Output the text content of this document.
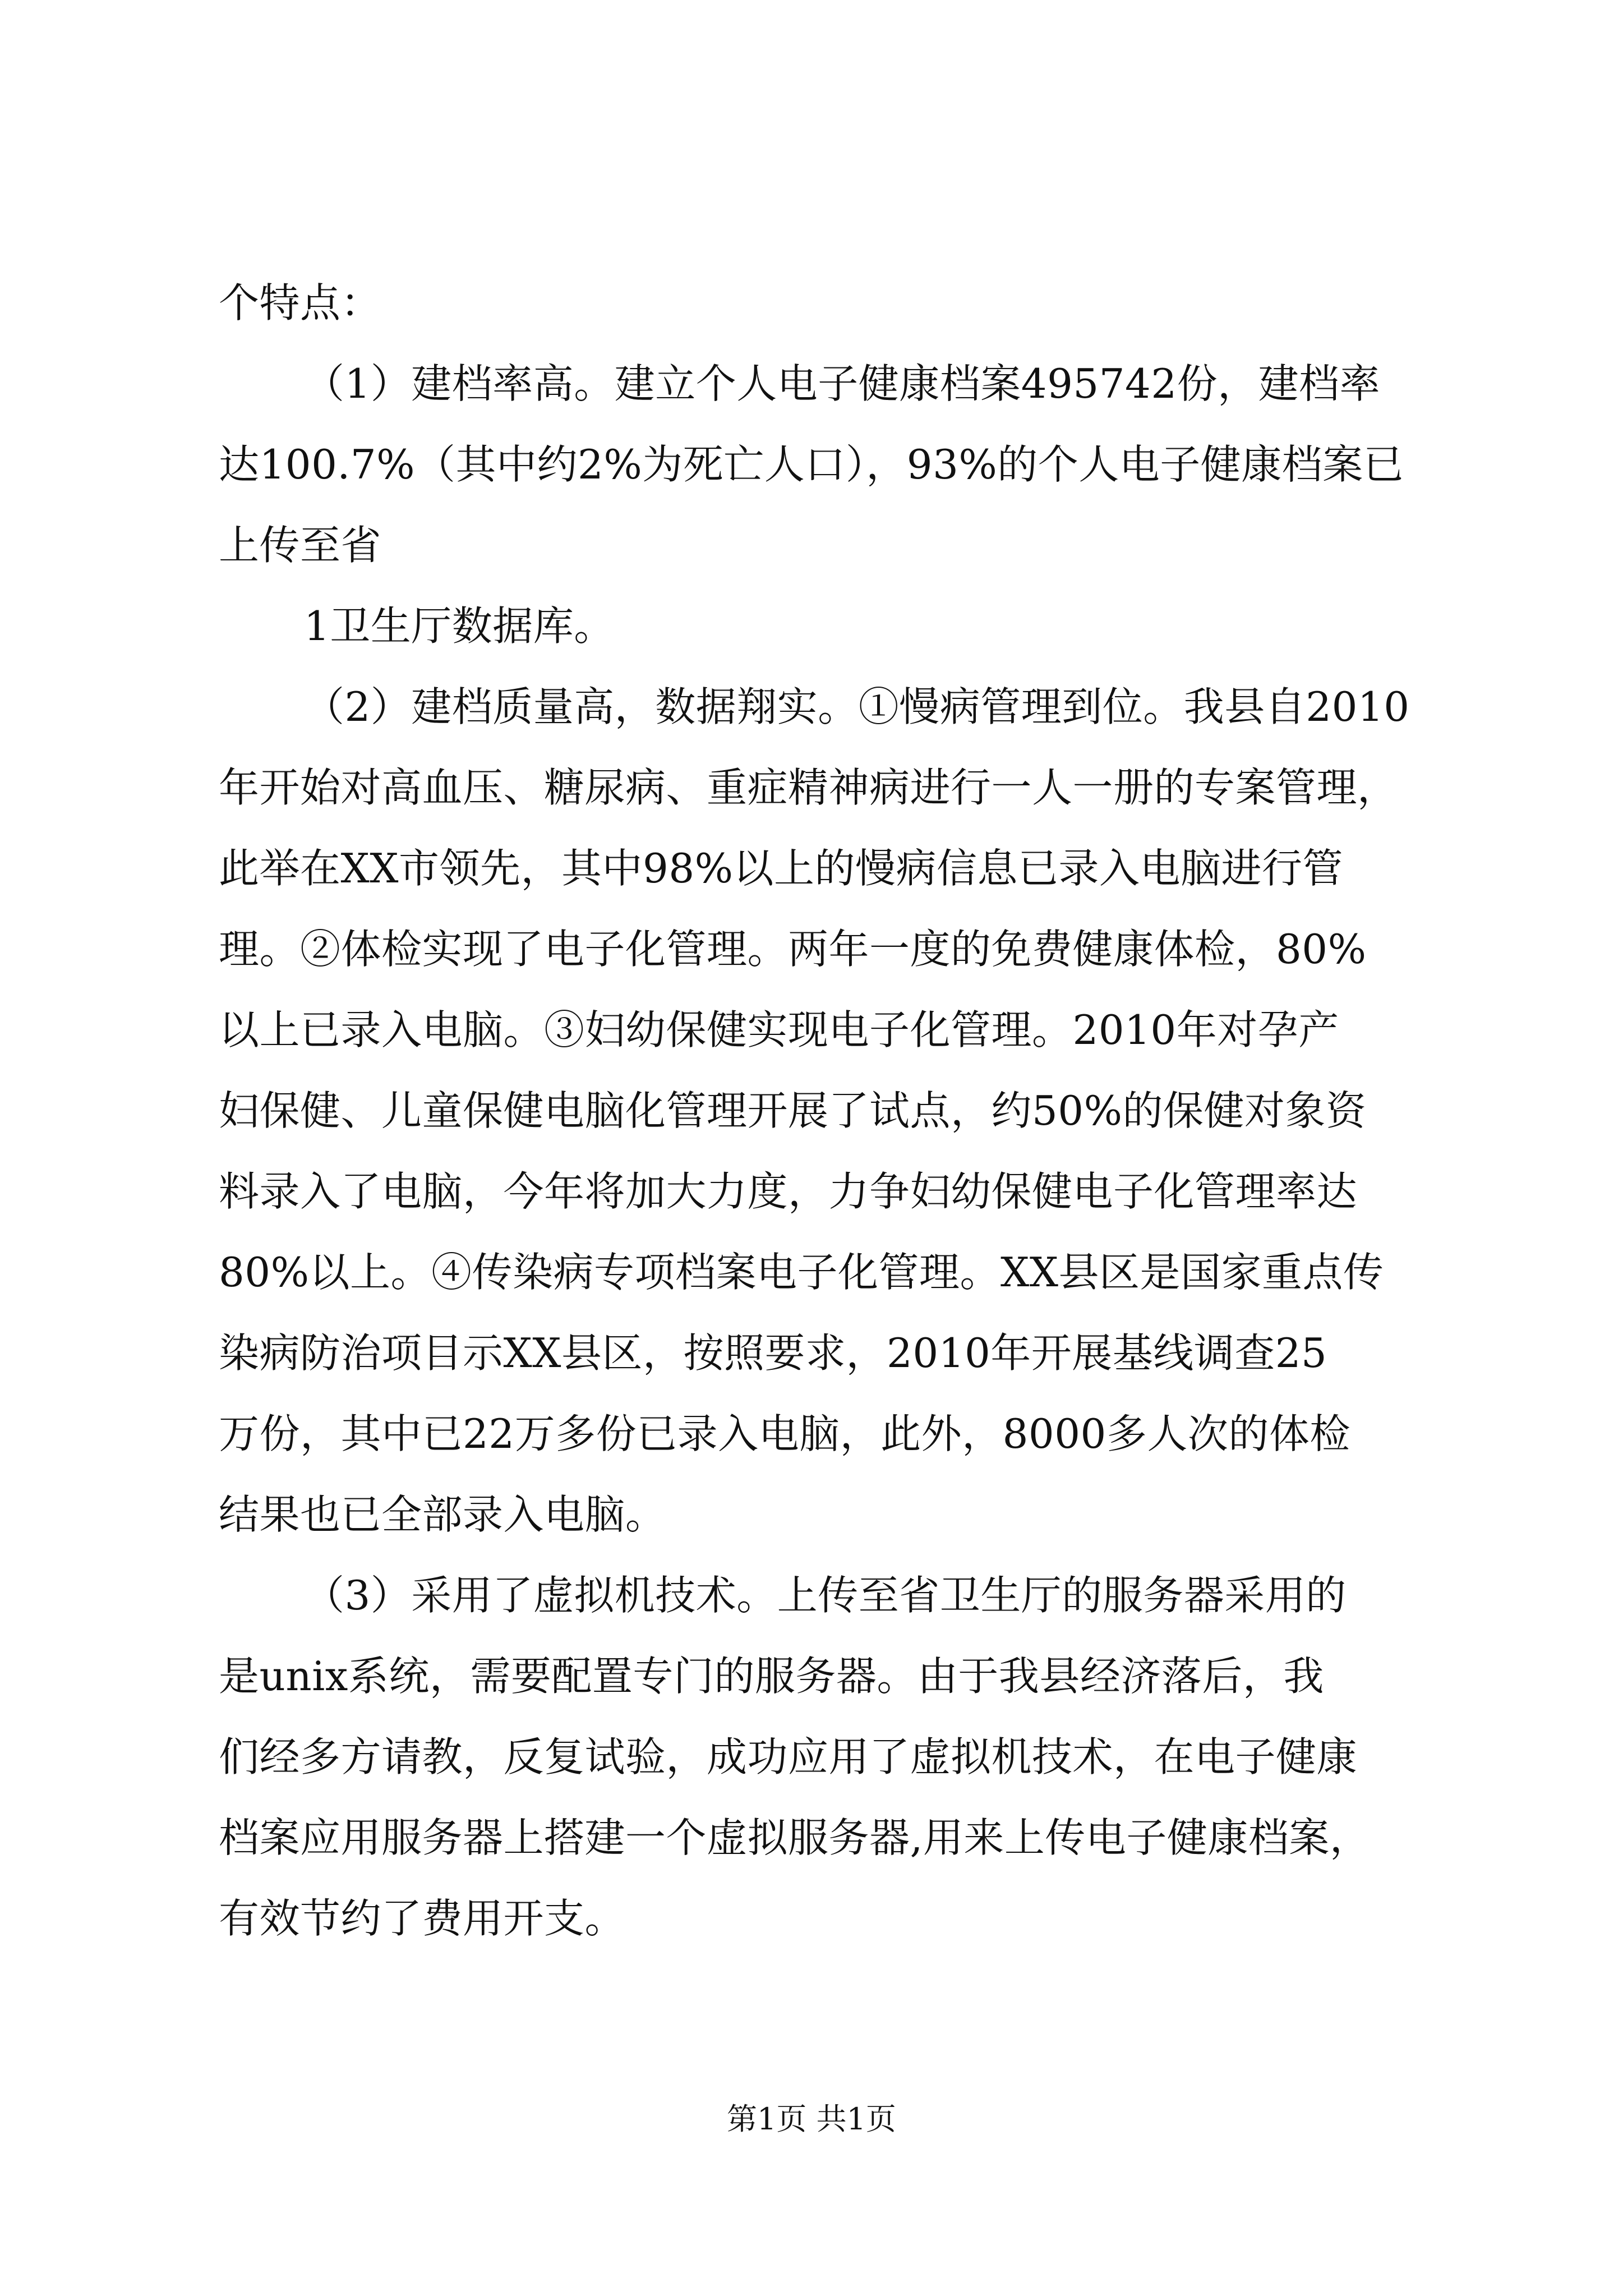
个特点：
（1）建档率高。建立个人电子健康档案495742份，建档率
达100.7%（其中约2%为死亡人口），93%的个人电子健康档案已
上传至省
1卫生厅数据库。
（2）建档质量高，数据翔实。①慢病管理到位。我县自2010
年开始对高血压、糖尿病、重症精神病进行一人一册的专案管理，
此举在XX市领先，其中98%以上的慢病信息已录入电脑进行管
理。②体检实现了电子化管理。两年一度的免费健康体检，80%
以上已录入电脑。③妇幼保健实现电子化管理。2010年对孕产
妇保健、儿童保健电脑化管理开展了试点，约50%的保健对象资
料录入了电脑，今年将加大力度，力争妇幼保健电子化管理率达
80%以上。④传染病专项档案电子化管理。XX县区是国家重点传
染病防治项目示XX县区，按照要求，2010年开展基线调查25
万份，其中已22万多份已录入电脑，此外，8000多人次的体检
结果也已全部录入电脑。
（3）采用了虚拟机技术。上传至省卫生厅的服务器采用的
是unix系统，需要配置专门的服务器。由于我县经济落后，我
们经多方请教，反复试验，成功应用了虚拟机技术，在电子健康
档案应用服务器上搭建一个虚拟服务器,用来上传电子健康档案，
有效节约了费用开支。
第1页 共1页
